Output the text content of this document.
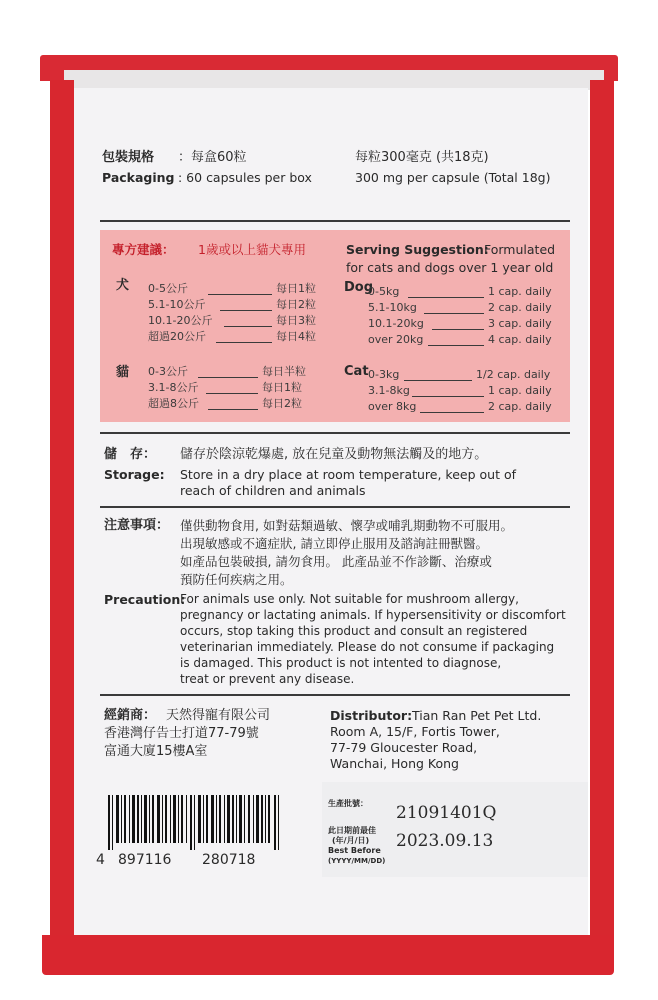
包裝規格 ：每盒60粒	每粒300毫克 (共18克)
Packaging : 60 capsules per box	300 mg per capsule (Total 18g)
專方建議： 1歲或以上貓犬專用	Serving Suggestion:
Formulated
for cats and dogs over 1 year old
犬
貓
Dog
Cat
0-5公斤	每日1粒
5.1-10公斤	每日2粒
10.1-20公斤	每日3粒
超過20公斤	每日4粒
0-3公斤	每日半粒
3.1-8公斤	每日1粒
超過8公斤	每日2粒
0-5kg	1 cap. daily
5.1-10kg	2 cap. daily
10.1-20kg	3 cap. daily
over 20kg	4 cap. daily
0-3kg	1/2 cap. daily
3.1-8kg	1 cap. daily
over 8kg	2 cap. daily
儲　存： 儲存於陰涼乾爆處, 放在兒童及動物無法觸及的地方。
Storage: Store in a dry place at room temperature, keep out of
reach of children and animals
注意事項： 僅供動物食用, 如對菇類過敏、懷孕或哺乳期動物不可服用。
出現敏感或不適症狀, 請立即停止服用及諮詢註冊獸醫。
如產品包裝破損, 請勿食用。 此產品並不作診斷、治療或
預防任何疾病之用。
Precaution:
For animals use only. Not suitable for mushroom allergy,
pregnancy or lactating animals. If hypersensitivity or discomfort
occurs, stop taking this product and consult an registered
veterinarian immediately. Please do not consume if packaging
is damaged. This product is not intented to diagnose,
treat or prevent any disease.
經銷商： 天然得寵有限公司
香港灣仔告士打道77-79號
富通大廈15樓A室
Distributor: Tian Ran Pet Pet Ltd.
Room A, 15/F, Fortis Tower,
77-79 Gloucester Road,
Wanchai, Hong Kong
4 897116 280718
生產批號： 21091401Q
此日期前最佳
(年/月/日)
Best Before
(YYYY/MM/DD)
2023.09.13
